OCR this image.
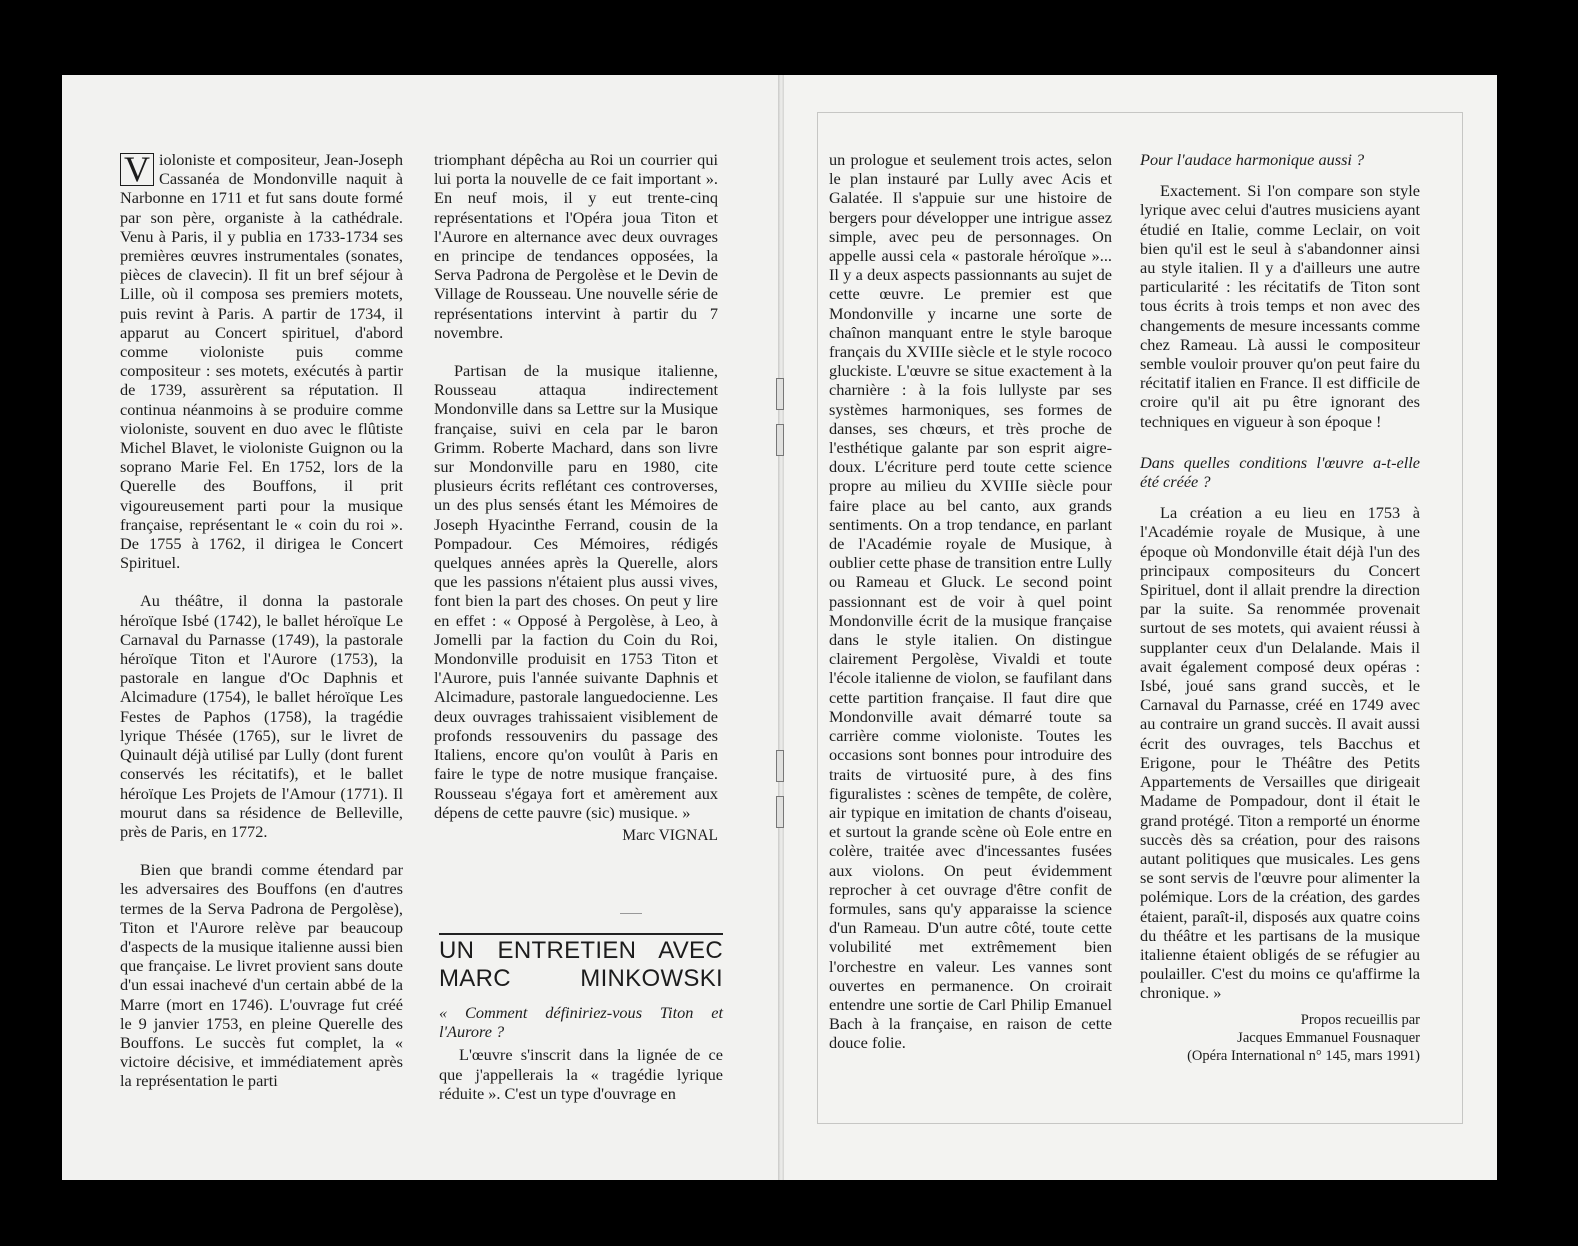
V ioloniste et compositeur, Jean-Joseph Cassanéa de Mondonville naquit à Narbonne en 1711 et fut sans doute formé par son père, organiste à la cathédrale. Venu à Paris, il y publia en 1733-1734 ses premières œuvres instrumentales (sonates, pièces de clavecin). Il fit un bref séjour à Lille, où il composa ses premiers motets, puis revint à Paris. A partir de 1734, il apparut au Concert spirituel, d'abord comme violoniste puis comme compositeur : ses motets, exécutés à partir de 1739, assurèrent sa réputation. Il continua néanmoins à se produire comme violoniste, souvent en duo avec le flûtiste Michel Blavet, le violoniste Guignon ou la soprano Marie Fel. En 1752, lors de la Querelle des Bouffons, il prit vigoureusement parti pour la musique française, représentant le « coin du roi ». De 1755 à 1762, il dirigea le Concert Spirituel.

Au théâtre, il donna la pastorale héroïque Isbé (1742), le ballet héroïque Le Carnaval du Parnasse (1749), la pastorale héroïque Titon et l'Aurore (1753), la pastorale en langue d'Oc Daphnis et Alcimadure (1754), le ballet héroïque Les Festes de Paphos (1758), la tragédie lyrique Thésée (1765), sur le livret de Quinault déjà utilisé par Lully (dont furent conservés les récitatifs), et le ballet héroïque Les Projets de l'Amour (1771). Il mourut dans sa résidence de Belleville, près de Paris, en 1772.

Bien que brandi comme étendard par les adversaires des Bouffons (en d'autres termes de la Serva Padrona de Pergolèse), Titon et l'Aurore relève par beaucoup d'aspects de la musique italienne aussi bien que française. Le livret provient sans doute d'un essai inachevé d'un certain abbé de la Marre (mort en 1746). L'ouvrage fut créé le 9 janvier 1753, en pleine Querelle des Bouffons. Le succès fut complet, la « victoire décisive, et immédiatement après la représentation le parti

triomphant dépêcha au Roi un courrier qui lui porta la nouvelle de ce fait important ». En neuf mois, il y eut trente-cinq représentations et l'Opéra joua Titon et l'Aurore en alternance avec deux ouvrages en principe de tendances opposées, la Serva Padrona de Pergolèse et le Devin de Village de Rousseau. Une nouvelle série de représentations intervint à partir du 7 novembre.

Partisan de la musique italienne, Rousseau attaqua indirectement Mondonville dans sa Lettre sur la Musique française, suivi en cela par le baron Grimm. Roberte Machard, dans son livre sur Mondonville paru en 1980, cite plusieurs écrits reflétant ces controverses, un des plus sensés étant les Mémoires de Joseph Hyacinthe Ferrand, cousin de la Pompadour. Ces Mémoires, rédigés quelques années après la Querelle, alors que les passions n'étaient plus aussi vives, font bien la part des choses. On peut y lire en effet : « Opposé à Pergolèse, à Leo, à Jomelli par la faction du Coin du Roi, Mondonville produisit en 1753 Titon et l'Aurore, puis l'année suivante Daphnis et Alcimadure, pastorale languedocienne. Les deux ouvrages trahissaient visiblement de profonds ressouvenirs du passage des Italiens, encore qu'on voulût à Paris en faire le type de notre musique française. Rousseau s'égaya fort et amèrement aux dépens de cette pauvre (sic) musique. »

Marc VIGNAL
UN ENTRETIEN AVEC
MARC MINKOWSKI

« Comment définiriez-vous Titon et l'Aurore ?

L'œuvre s'inscrit dans la lignée de ce que j'appellerais la « tragédie lyrique réduite ». C'est un type d'ouvrage en

un prologue et seulement trois actes, selon le plan instauré par Lully avec Acis et Galatée. Il s'appuie sur une histoire de bergers pour développer une intrigue assez simple, avec peu de personnages. On appelle aussi cela « pastorale héroïque »... Il y a deux aspects passionnants au sujet de cette œuvre. Le premier est que Mondonville y incarne une sorte de chaînon manquant entre le style baroque français du XVIIIe siècle et le style rococo gluckiste. L'œuvre se situe exactement à la charnière : à la fois lullyste par ses systèmes harmoniques, ses formes de danses, ses chœurs, et très proche de l'esthétique galante par son esprit aigre-doux. L'écriture perd toute cette science propre au milieu du XVIIIe siècle pour faire place au bel canto, aux grands sentiments. On a trop tendance, en parlant de l'Académie royale de Musique, à oublier cette phase de transition entre Lully ou Rameau et Gluck. Le second point passionnant est de voir à quel point Mondonville écrit de la musique française dans le style italien. On distingue clairement Pergolèse, Vivaldi et toute l'école italienne de violon, se faufilant dans cette partition française. Il faut dire que Mondonville avait démarré toute sa carrière comme violoniste. Toutes les occasions sont bonnes pour introduire des traits de virtuosité pure, à des fins figuralistes : scènes de tempête, de colère, air typique en imitation de chants d'oiseau, et surtout la grande scène où Eole entre en colère, traitée avec d'incessantes fusées aux violons. On peut évidemment reprocher à cet ouvrage d'être confit de formules, sans qu'y apparaisse la science d'un Rameau. D'un autre côté, toute cette volubilité met extrêmement bien l'orchestre en valeur. Les vannes sont ouvertes en permanence. On croirait entendre une sortie de Carl Philip Emanuel Bach à la française, en raison de cette douce folie.

Pour l'audace harmonique aussi ?

Exactement. Si l'on compare son style lyrique avec celui d'autres musiciens ayant étudié en Italie, comme Leclair, on voit bien qu'il est le seul à s'abandonner ainsi au style italien. Il y a d'ailleurs une autre particularité : les récitatifs de Titon sont tous écrits à trois temps et non avec des changements de mesure incessants comme chez Rameau. Là aussi le compositeur semble vouloir prouver qu'on peut faire du récitatif italien en France. Il est difficile de croire qu'il ait pu être ignorant des techniques en vigueur à son époque !

Dans quelles conditions l'œuvre a-t-elle été créée ?

La création a eu lieu en 1753 à l'Académie royale de Musique, à une époque où Mondonville était déjà l'un des principaux compositeurs du Concert Spirituel, dont il allait prendre la direction par la suite. Sa renommée provenait surtout de ses motets, qui avaient réussi à supplanter ceux d'un Delalande. Mais il avait également composé deux opéras : Isbé, joué sans grand succès, et le Carnaval du Parnasse, créé en 1749 avec au contraire un grand succès. Il avait aussi écrit des ouvrages, tels Bacchus et Erigone, pour le Théâtre des Petits Appartements de Versailles que dirigeait Madame de Pompadour, dont il était le grand protégé. Titon a remporté un énorme succès dès sa création, pour des raisons autant politiques que musicales. Les gens se sont servis de l'œuvre pour alimenter la polémique. Lors de la création, des gardes étaient, paraît-il, disposés aux quatre coins du théâtre et les partisans de la musique italienne étaient obligés de se réfugier au poulailler. C'est du moins ce qu'affirme la chronique. »

Propos recueillis par
Jacques Emmanuel Fousnaquer
(Opéra International n° 145, mars 1991)
